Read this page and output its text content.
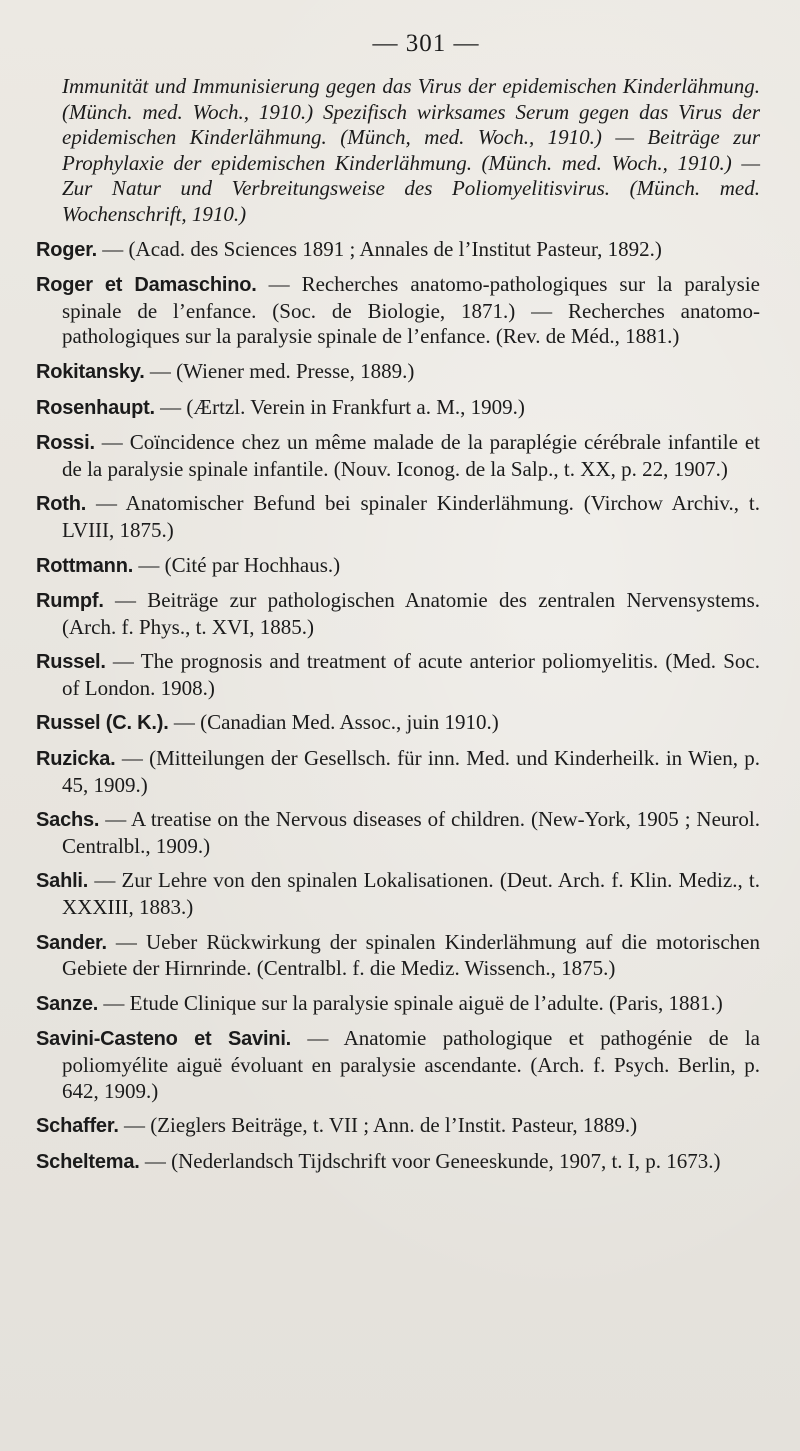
— 301 —

Immunität und Immunisierung gegen das Virus der epidemischen Kinderlähmung. (Münch. med. Woch., 1910.) Spezifisch wirksames Serum gegen das Virus der epidemischen Kinderlähmung. (Münch, med. Woch., 1910.) — Beiträge zur Prophylaxie der epidemischen Kinderlähmung. (Münch. med. Woch., 1910.) — Zur Natur und Verbreitungsweise des Poliomyelitisvirus. (Münch. med. Wochenschrift, 1910.)

Roger. — (Acad. des Sciences 1891 ; Annales de l’Institut Pasteur, 1892.)

Roger et Damaschino. — Recherches anatomo-pathologiques sur la paralysie spinale de l’enfance. (Soc. de Biologie, 1871.) — Recherches anatomo-pathologiques sur la paralysie spinale de l’enfance. (Rev. de Méd., 1881.)

Rokitansky. — (Wiener med. Presse, 1889.)

Rosenhaupt. — (Ærtzl. Verein in Frankfurt a. M., 1909.)

Rossi. — Coïncidence chez un même malade de la paraplégie cérébrale infantile et de la paralysie spinale infantile. (Nouv. Iconog. de la Salp., t. XX, p. 22, 1907.)

Roth. — Anatomischer Befund bei spinaler Kinderlähmung. (Virchow Archiv., t. LVIII, 1875.)

Rottmann. — (Cité par Hochhaus.)

Rumpf. — Beiträge zur pathologischen Anatomie des zentralen Nervensystems. (Arch. f. Phys., t. XVI, 1885.)

Russel. — The prognosis and treatment of acute anterior poliomyelitis. (Med. Soc. of London. 1908.)

Russel (C. K.). — (Canadian Med. Assoc., juin 1910.)

Ruzicka. — (Mitteilungen der Gesellsch. für inn. Med. und Kinderheilk. in Wien, p. 45, 1909.)

Sachs. — A treatise on the Nervous diseases of children. (New-York, 1905 ; Neurol. Centralbl., 1909.)

Sahli. — Zur Lehre von den spinalen Lokalisationen. (Deut. Arch. f. Klin. Mediz., t. XXXIII, 1883.)

Sander. — Ueber Rückwirkung der spinalen Kinderlähmung auf die motorischen Gebiete der Hirnrinde. (Centralbl. f. die Mediz. Wissench., 1875.)

Sanze. — Etude Clinique sur la paralysie spinale aiguë de l’adulte. (Paris, 1881.)

Savini-Casteno et Savini. — Anatomie pathologique et pathogénie de la poliomyélite aiguë évoluant en paralysie ascendante. (Arch. f. Psych. Berlin, p. 642, 1909.)

Schaffer. — (Zieglers Beiträge, t. VII ; Ann. de l’Instit. Pasteur, 1889.)

Scheltema. — (Nederlandsch Tijdschrift voor Geneeskunde, 1907, t. I, p. 1673.)
